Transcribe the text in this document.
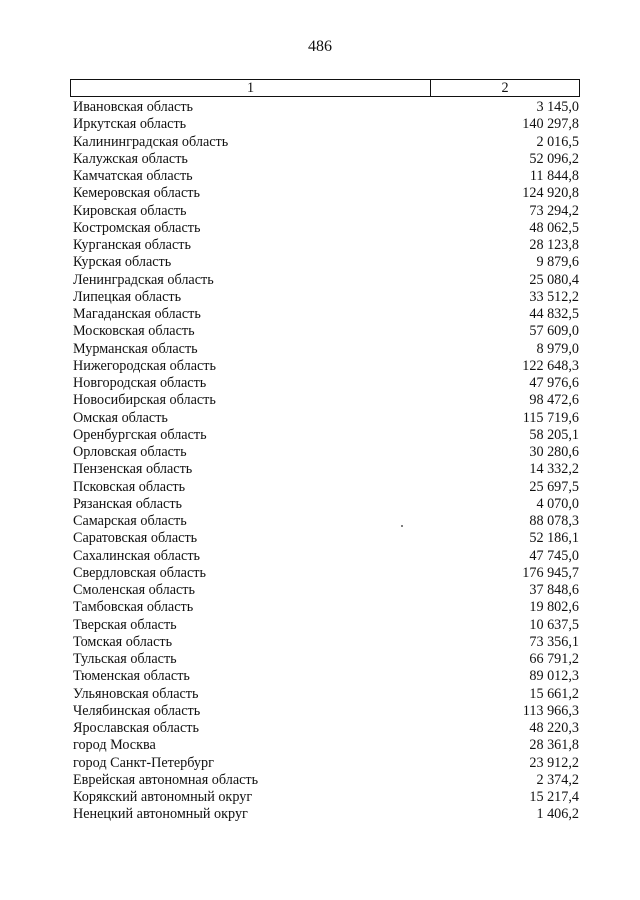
486
1	2
Ивановская область	3 145,0
Иркутская область	140 297,8
Калининградская область	2 016,5
Калужская область	52 096,2
Камчатская область	11 844,8
Кемеровская область	124 920,8
Кировская область	73 294,2
Костромская область	48 062,5
Курганская область	28 123,8
Курская область	9 879,6
Ленинградская область	25 080,4
Липецкая область	33 512,2
Магаданская область	44 832,5
Московская область	57 609,0
Мурманская область	8 979,0
Нижегородская область	122 648,3
Новгородская область	47 976,6
Новосибирская область	98 472,6
Омская область	115 719,6
Оренбургская область	58 205,1
Орловская область	30 280,6
Пензенская область	14 332,2
Псковская область	25 697,5
Рязанская область	4 070,0
Самарская область	88 078,3
Саратовская область	52 186,1
Сахалинская область	47 745,0
Свердловская область	176 945,7
Смоленская область	37 848,6
Тамбовская область	19 802,6
Тверская область	10 637,5
Томская область	73 356,1
Тульская область	66 791,2
Тюменская область	89 012,3
Ульяновская область	15 661,2
Челябинская область	113 966,3
Ярославская область	48 220,3
город Москва	28 361,8
город Санкт-Петербург	23 912,2
Еврейская автономная область	2 374,2
Корякский автономный округ	15 217,4
Ненецкий автономный округ	1 406,2
